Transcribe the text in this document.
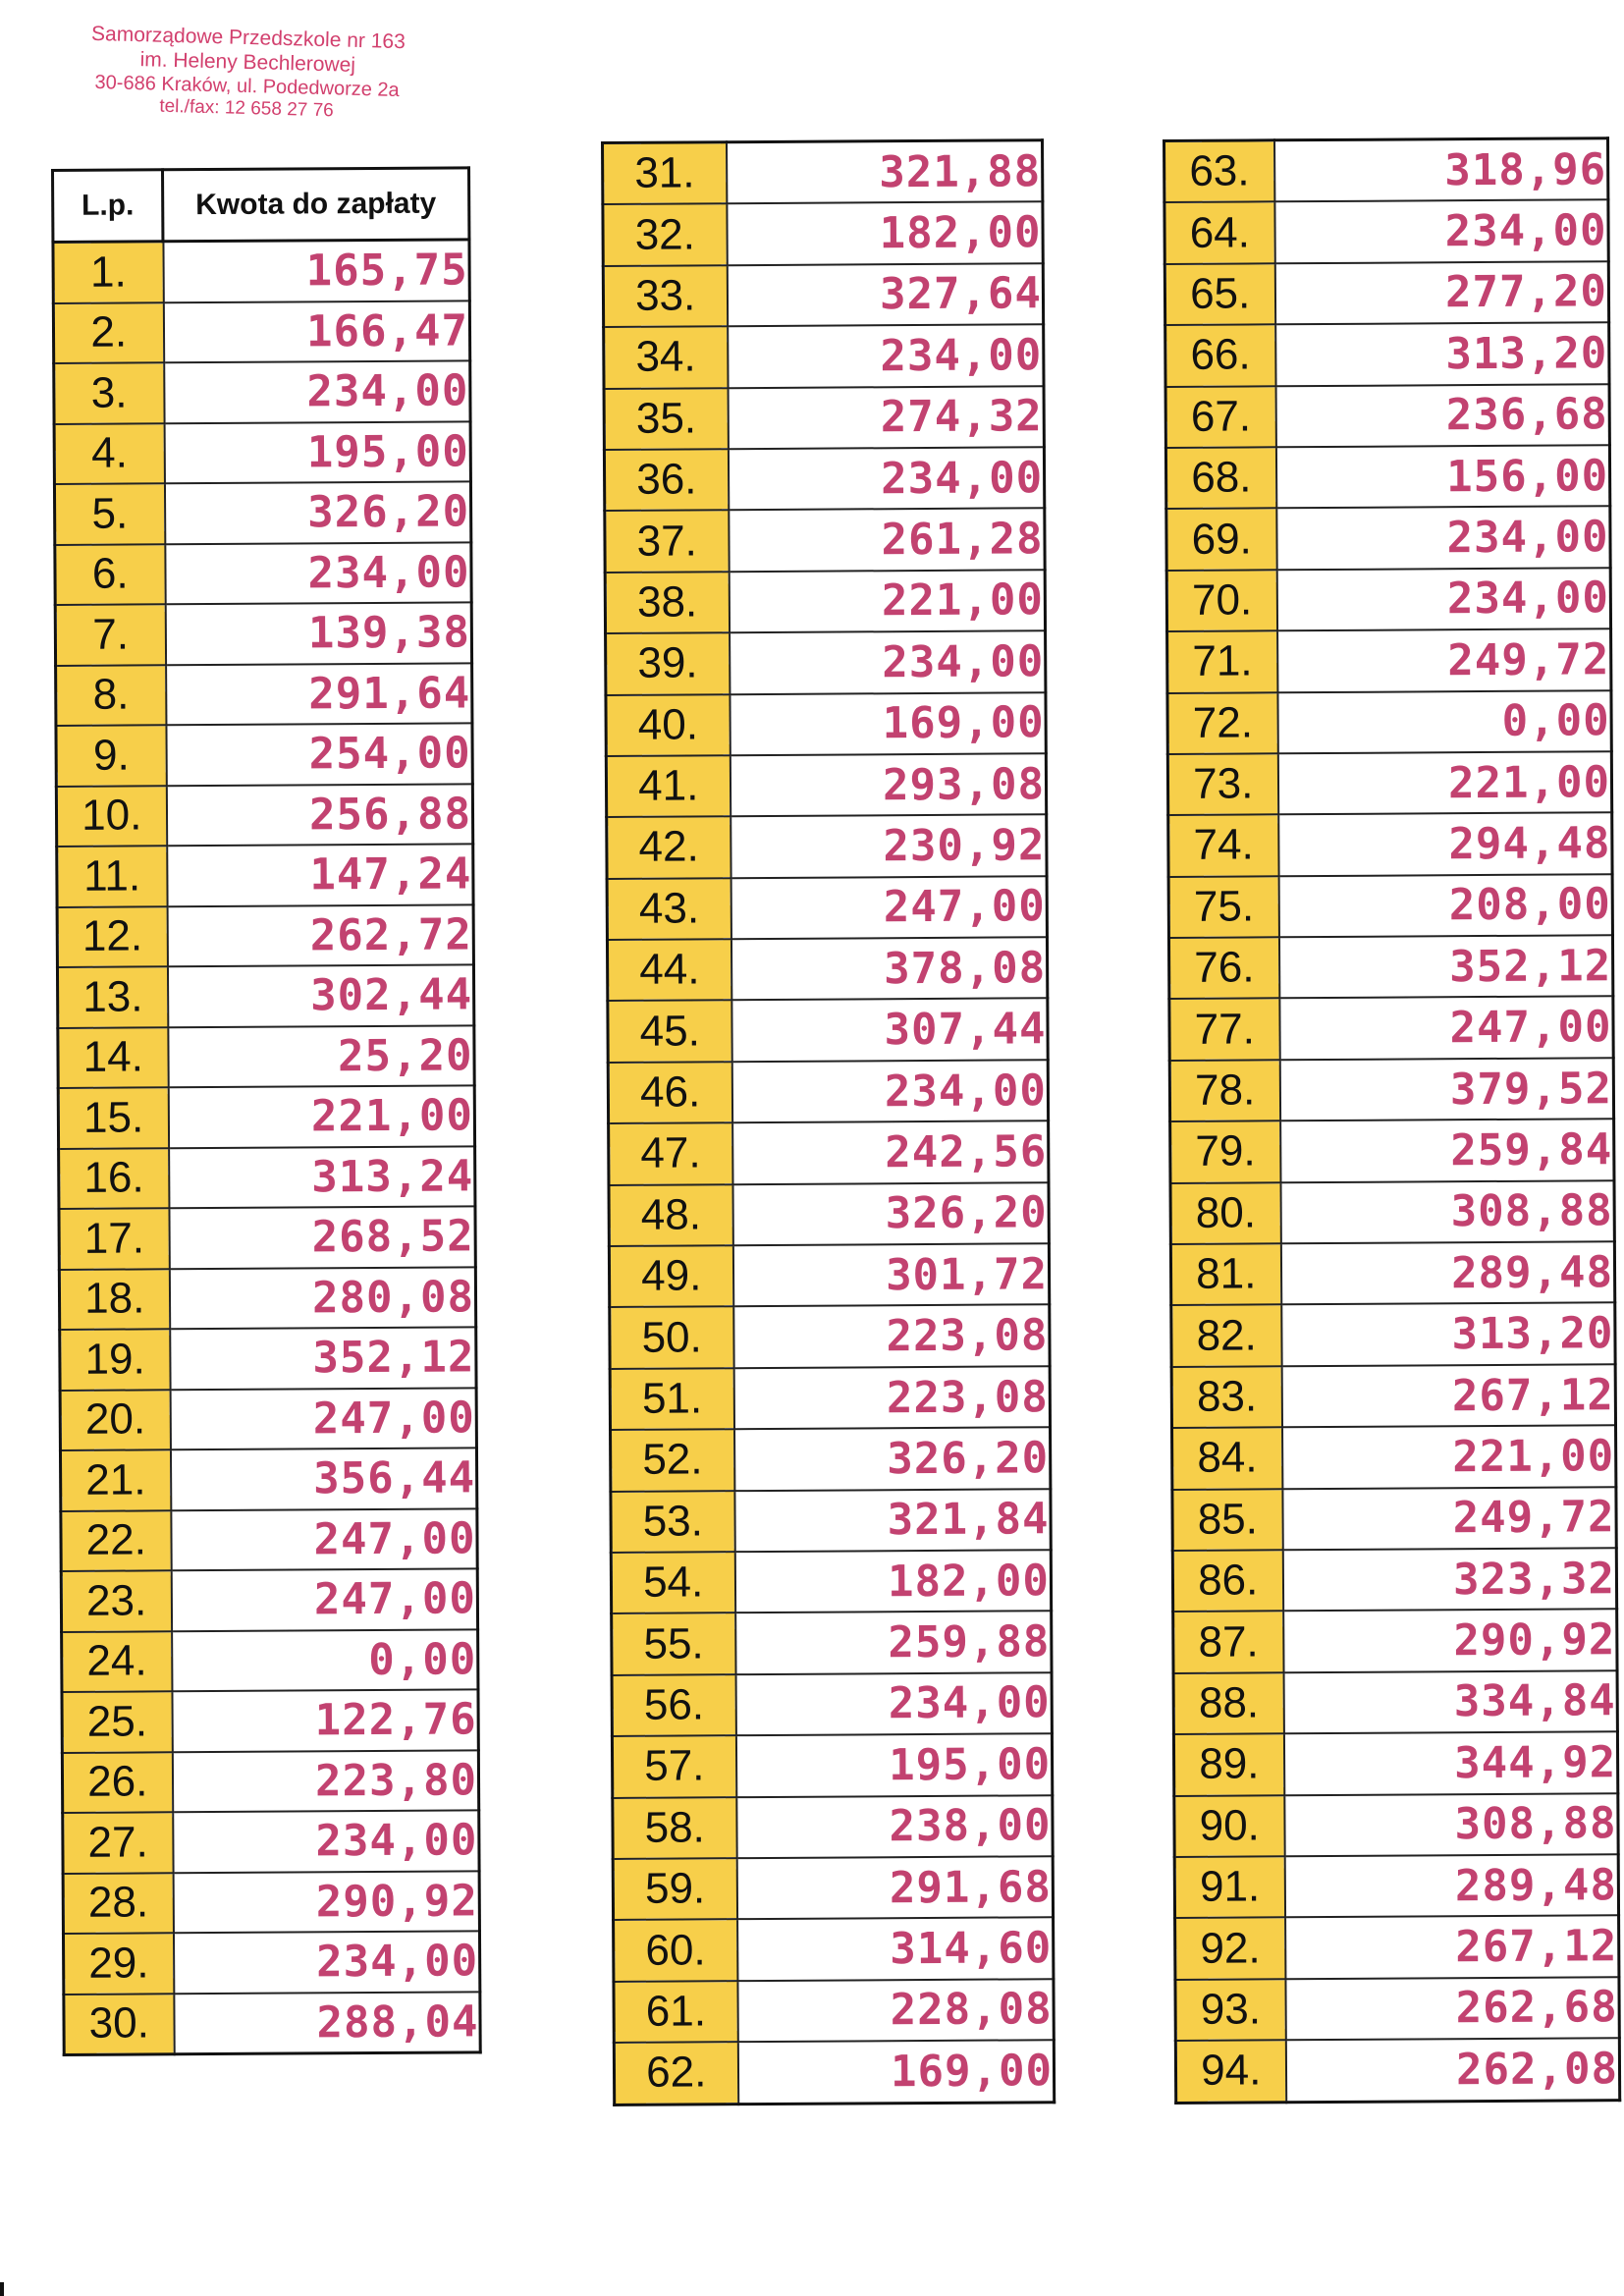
Samorządowe Przedszkole nr 163
im. Heleny Bechlerowej
30-686 Kraków, ul. Podedworze 2a
tel./fax: 12 658 27 76
L.p.	Kwota do zapłaty
1.	165,75
2.	166,47
3.	234,00
4.	195,00
5.	326,20
6.	234,00
7.	139,38
8.	291,64
9.	254,00
10.	256,88
11.	147,24
12.	262,72
13.	302,44
14.	25,20
15.	221,00
16.	313,24
17.	268,52
18.	280,08
19.	352,12
20.	247,00
21.	356,44
22.	247,00
23.	247,00
24.	0,00
25.	122,76
26.	223,80
27.	234,00
28.	290,92
29.	234,00
30.	288,04
31.	321,88
32.	182,00
33.	327,64
34.	234,00
35.	274,32
36.	234,00
37.	261,28
38.	221,00
39.	234,00
40.	169,00
41.	293,08
42.	230,92
43.	247,00
44.	378,08
45.	307,44
46.	234,00
47.	242,56
48.	326,20
49.	301,72
50.	223,08
51.	223,08
52.	326,20
53.	321,84
54.	182,00
55.	259,88
56.	234,00
57.	195,00
58.	238,00
59.	291,68
60.	314,60
61.	228,08
62.	169,00
63.	318,96
64.	234,00
65.	277,20
66.	313,20
67.	236,68
68.	156,00
69.	234,00
70.	234,00
71.	249,72
72.	0,00
73.	221,00
74.	294,48
75.	208,00
76.	352,12
77.	247,00
78.	379,52
79.	259,84
80.	308,88
81.	289,48
82.	313,20
83.	267,12
84.	221,00
85.	249,72
86.	323,32
87.	290,92
88.	334,84
89.	344,92
90.	308,88
91.	289,48
92.	267,12
93.	262,68
94.	262,08
